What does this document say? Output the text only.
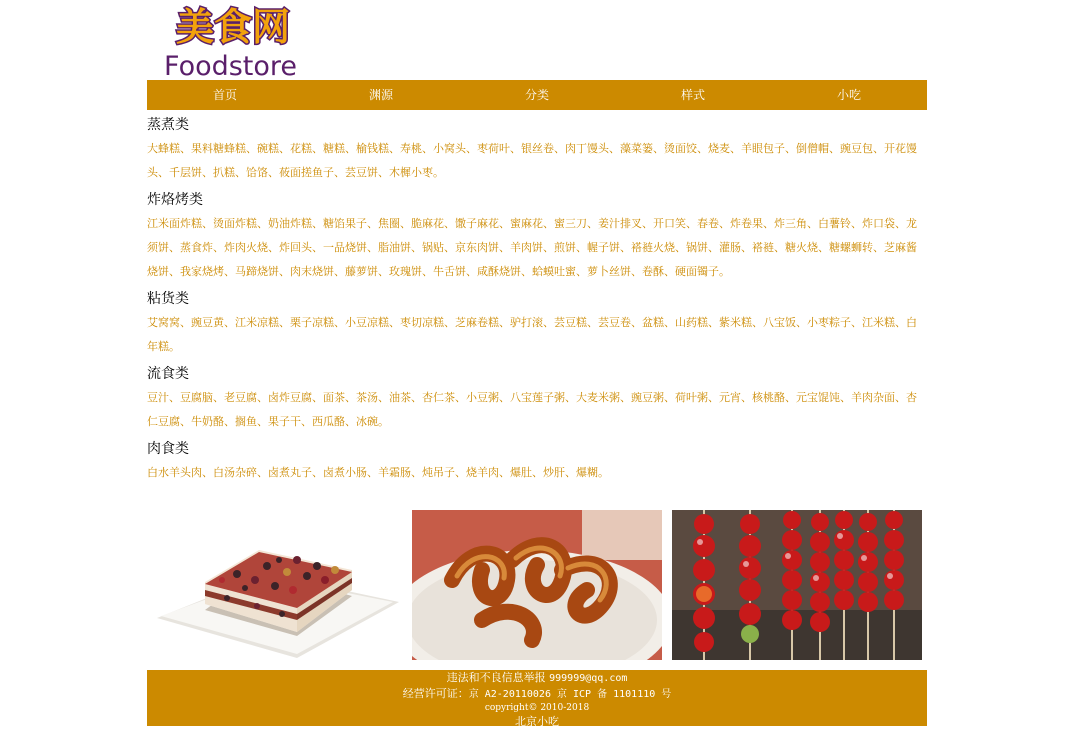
美食网
Foodstore
首页	渊源	分类	样式	小吃
蒸煮类
大蜂糕、果料糖蜂糕、碗糕、花糕、糖糕、榆钱糕、寿桃、小窝头、枣荷叶、银丝卷、肉丁馒头、藻菜篓、烫面饺、烧麦、羊眼包子、倒僧帽、豌豆包、开花馒头、千层饼、扒糕、饸饹、莜面搓鱼子、芸豆饼、木樨小枣。
炸烙烤类
江米面炸糕、烫面炸糕、奶油炸糕、糖馅果子、焦圈、脆麻花、馓子麻花、蜜麻花、蜜三刀、姜汁排叉、开口笑、春卷、炸卷果、炸三角、白薯铃、炸口袋、龙须饼、蒸食炸、炸肉火烧、炸回头、一品烧饼、脂油饼、锅贴、京东肉饼、羊肉饼、煎饼、幄子饼、褡裢火烧、锅饼、灌肠、褡裢、糖火烧、糖螺蛳转、芝麻酱烧饼、我家烧烤、马蹄烧饼、肉末烧饼、藤萝饼、玫瑰饼、牛舌饼、咸酥烧饼、蛤蟆吐蜜、萝卜丝饼、卷酥、硬面镯子。
粘货类
艾窝窝、豌豆黄、江米凉糕、栗子凉糕、小豆凉糕、枣切凉糕、芝麻卷糕、驴打滚、芸豆糕、芸豆卷、盆糕、山药糕、紫米糕、八宝饭、小枣粽子、江米糕、白年糕。
流食类
豆汁、豆腐脑、老豆腐、卤炸豆腐、面茶、茶汤、油茶、杏仁茶、小豆粥、八宝莲子粥、大麦米粥、豌豆粥、荷叶粥、元宵、核桃酪、元宝馄饨、羊肉杂面、杏仁豆腐、牛奶酪、搁鱼、果子干、西瓜酪、冰碗。
肉食类
白水羊头肉、白汤杂碎、卤煮丸子、卤煮小肠、羊霜肠、炖吊子、烧羊肉、爆肚、炒肝、爆糊。
违法和不良信息举报 999999@qq.com
经营许可证：京 A2-20110026 京 ICP 备 1101110 号
copyright© 2010-2018
北京小吃
